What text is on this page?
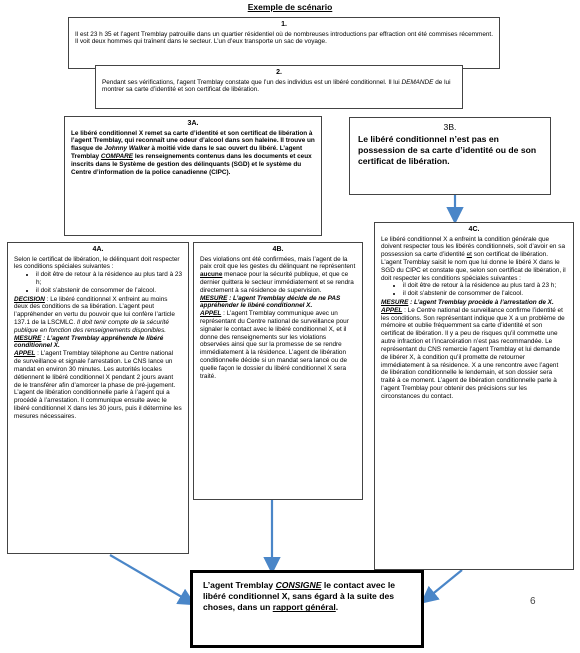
Exemple de scénario
1.

Il est 23 h 35 et l’agent Tremblay patrouille dans un quartier résidentiel où de nombreuses introductions par effraction ont été commises récemment. Il voit deux hommes qui traînent dans le secteur. L’un d’eux transporte un sac de voyage.

2.

Pendant ses vérifications, l’agent Tremblay constate que l’un des individus est un libéré conditionnel. Il lui DEMANDE de lui montrer sa carte d’identité et son certificat de libération.

3A.

Le libéré conditionnel X remet sa carte d’identité et son certificat de libération à l’agent Tremblay, qui reconnaît une odeur d’alcool dans son haleine. Il trouve un flasque de Johnny Walker à moitié vide dans le sac ouvert du libéré. L’agent Tremblay COMPARE les renseignements contenus dans les documents et ceux inscrits dans le Système de gestion des délinquants (SGD) et le système du Centre d’information de la police canadienne (CIPC).

3B.

Le libéré conditionnel n’est pas en possession de sa carte d’identité ou de son certificat de libération.

4A.

Selon le certificat de libération, le délinquant doit respecter les conditions spéciales suivantes :

• il doit être de retour à la résidence au plus tard à 23 h;
• il doit s’abstenir de consommer de l’alcool.

DECISION : Le libéré conditionnel X enfreint au moins deux des conditions de sa libération. L’agent peut l’appréhender en vertu du pouvoir que lui confère l’article 137.1 de la LSCMLC. Il doit tenir compte de la sécurité publique en fonction des renseignements disponibles.

MESURE : L’agent Tremblay appréhende le libéré conditionnel X.

APPEL : L’agent Tremblay téléphone au Centre national de surveillance et signale l’arrestation. Le CNS lance un mandat en environ 30 minutes. Les autorités locales détiennent le libéré conditionnel X pendant 2 jours avant de le transférer afin d’amorcer la phase de pré-jugement. L’agent de libération conditionnelle parle à l’agent qui a procédé à l’arrestation. Il communique ensuite avec le libéré conditionnel X dans les 30 jours, puis il détermine les mesures nécessaires.

4B.

Des violations ont été confirmées, mais l’agent de la paix croit que les gestes du délinquant ne représentent aucune menace pour la sécurité publique, et que ce dernier quittera le secteur immédiatement et se rendra directement à sa résidence de supervision.

MESURE : L’agent Tremblay décide de ne PAS appréhender le libéré conditionnel X.

APPEL : L’agent Tremblay communique avec un représentant du Centre national de surveillance pour signaler le contact avec le libéré conditionnel X, et il donne des renseignements sur les violations observées ainsi que sur la promesse de se rendre immédiatement à la résidence. L’agent de libération conditionnelle décide si un mandat sera lancé ou de quelle façon le dossier du libéré conditionnel X sera traité.

4C.

Le libéré conditionnel X a enfreint la condition générale que doivent respecter tous les libérés conditionnels, soit d’avoir en sa possession sa carte d’identité et son certificat de libération. L’agent Tremblay saisit le nom que lui donne le libéré X dans le SGD du CIPC et constate que, selon son certificat de libération, il doit respecter les conditions spéciales suivantes :

• il doit être de retour à la résidence au plus tard à 23 h;
• il doit s’abstenir de consommer de l’alcool.

MESURE : L’agent Tremblay procède à l’arrestation de X.

APPEL : Le Centre national de surveillance confirme l’identité et les conditions. Son représentant indique que X a un problème de mémoire et oublie fréquemment sa carte d’identité et son certificat de libération. Il y a peu de risques qu’il commette une autre infraction et l’incarcération n’est pas recommandée. Le représentant du CNS remercie l’agent Tremblay et lui demande de libérer X, à condition qu’il promette de retourner immédiatement à sa résidence. X a une rencontre avec l’agent de libération conditionnelle le lendemain, et son dossier sera traité à ce moment. L’agent de libération conditionnelle parle à l’agent Tremblay pour obtenir des précisions sur les circonstances du contact.

L’agent Tremblay CONSIGNE le contact avec le libéré conditionnel X, sans égard à la suite des choses, dans un rapport général.

6
